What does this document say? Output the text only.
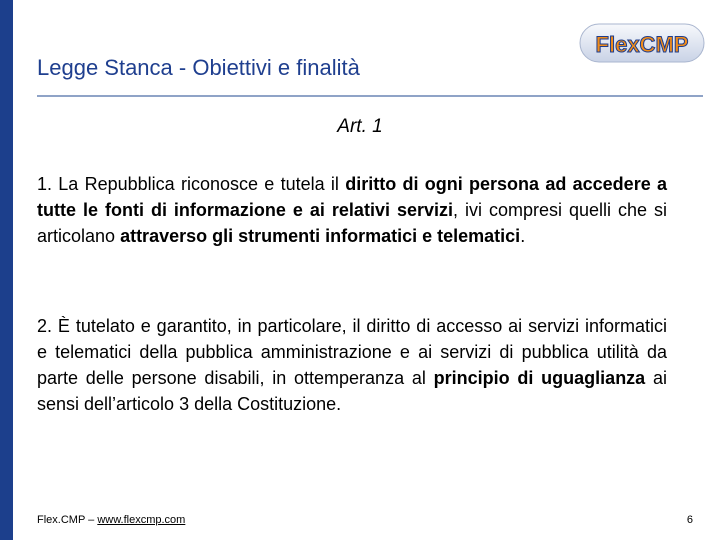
FlexCMP
Legge Stanca - Obiettivi e finalità
Art. 1
1. La Repubblica riconosce e tutela il diritto di ogni persona ad accedere a tutte le fonti di informazione e ai relativi servizi, ivi compresi quelli che si articolano attraverso gli strumenti informatici e telematici.
2. È tutelato e garantito, in particolare, il diritto di accesso ai servizi informatici e telematici della pubblica amministrazione e ai servizi di pubblica utilità da parte delle persone disabili, in ottemperanza al principio di uguaglianza ai sensi dell’articolo 3 della Costituzione.
Flex.CMP – www.flexcmp.com	6
